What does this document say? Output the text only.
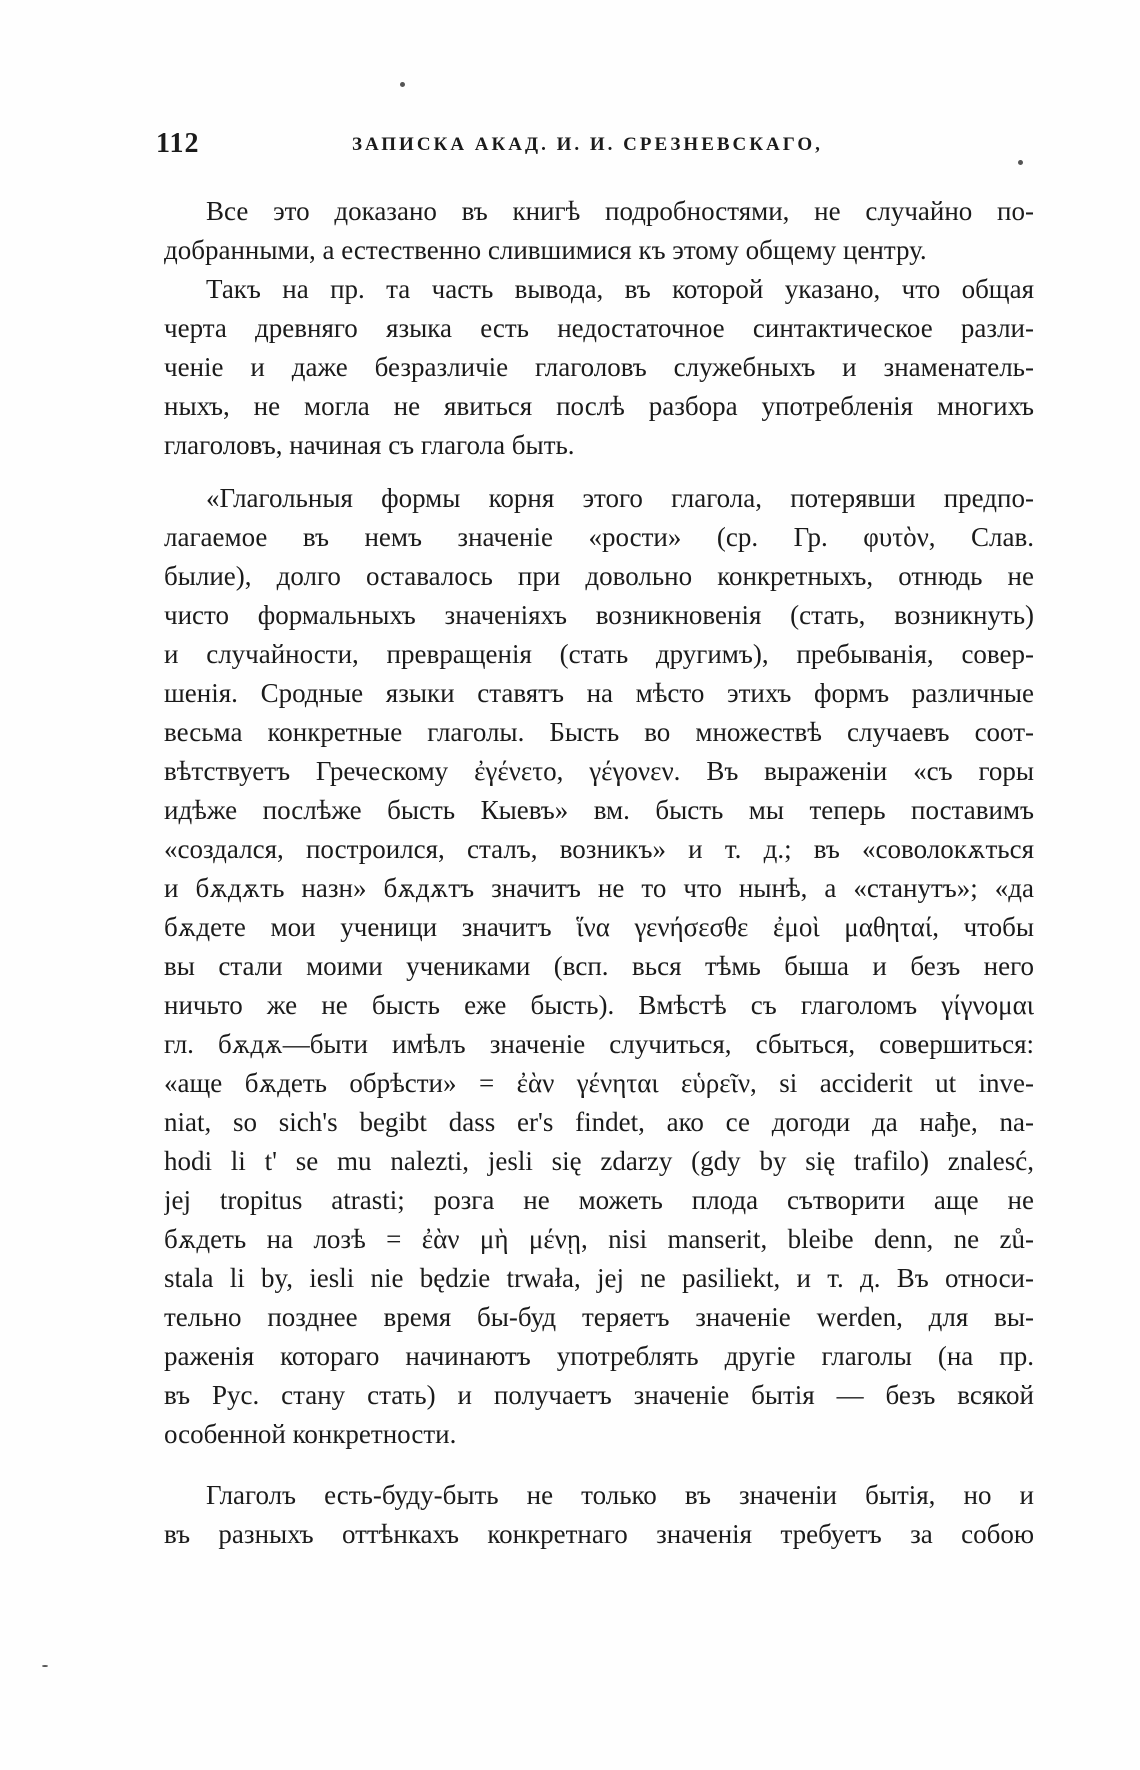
112	ЗАПИСКА АКАД. И. И. СРЕЗНЕВСКАГО,
Все это доказано въ книгѣ подробностями, не случайно по-
добранными, а естественно слившимися къ этому общему центру.
Такъ на пр. та часть вывода, въ которой указано, что общая
черта древняго языка есть недостаточное синтактическое разли-
ченіе и даже безразличіе глаголовъ служебныхъ и знаменатель-
ныхъ, не могла не явиться послѣ разбора употребленія многихъ
глаголовъ, начиная съ глагола быть.
«Глагольныя формы корня этого глагола, потерявши предпо-
лагаемое въ немъ значеніе «рости» (ср. Гр. φυτὸν, Слав.
былие), долго оставалось при довольно конкретныхъ, отнюдь не
чисто формальныхъ значеніяхъ возникновенія (стать, возникнуть)
и случайности, превращенія (стать другимъ), пребыванія, совер-
шенія. Сродные языки ставятъ на мѣсто этихъ формъ различные
весьма конкретные глаголы. Бысть во множествѣ случаевъ соот-
вѣтствуетъ Греческому ἐγένετο, γέγονεν. Въ выраженіи «съ горы
идѣже послѣже бысть Кыевъ» вм. бысть мы теперь поставимъ
«создался, построился, сталъ, возникъ» и т. д.; въ «соволокѫться
и бѫдѫть назн» бѫдѫтъ значитъ не то что нынѣ, а «станутъ»; «да
бѫдете мои ученици значитъ ἵνα γενήσεσθε ἐμοὶ μαθηταί, чтобы
вы стали моими учениками (всп. вься тѣмь быша и безъ него
ничьто же не бысть еже бысть). Вмѣстѣ съ глаголомъ γίγνομαι
гл. бѫдѫ—быти имѣлъ значеніе случиться, сбыться, совершиться:
«аще бѫдеть обрѣсти» = ἐὰν γένηται εὑρεῖν, si acciderit ut inve-
niat, so sich's begibt dass er's findet, ако се догоди да нађе, na-
hodi li t' se mu nalezti, jesli się zdarzy (gdy by się trafilo) znalesć,
jej tropitus atrasti; розга не можеть плода сътворити аще не
бѫдеть на лозѣ = ἐὰν μὴ μένῃ, nisi manserit, bleibe denn, ne zů-
stala li by, iesli nie będzie trwała, jej ne pasiliekt, и т. д. Въ относи-
тельно позднее время бы-буд теряетъ значеніе werden, для вы-
раженія котораго начинаютъ употреблять другіе глаголы (на пр.
въ Рус. стану стать) и получаетъ значеніе бытія — безъ всякой
особенной конкретности.
Глаголъ есть-буду-быть не только въ значеніи бытія, но и
въ разныхъ оттѣнкахъ конкретнаго значенія требуетъ за собою
